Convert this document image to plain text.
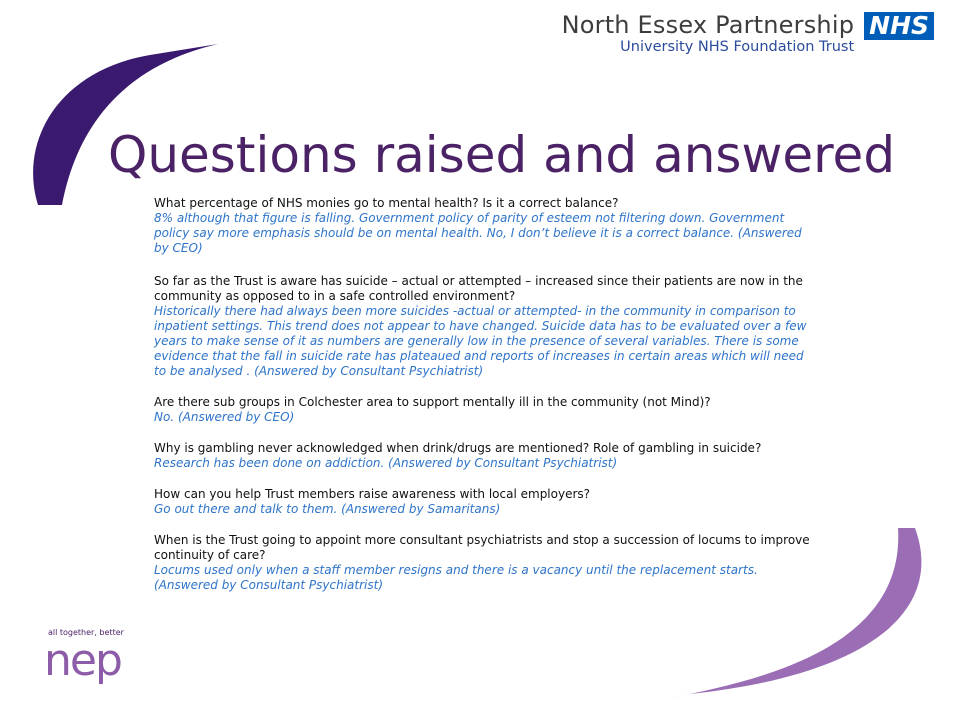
North Essex Partnership
University NHS Foundation Trust
NHS
Questions raised and answered

What percentage of NHS monies go to mental health? Is it a correct balance?

8% although that figure is falling. Government policy of parity of esteem not filtering down. Government policy say more emphasis should be on mental health. No, I don’t believe it is a correct balance. (Answered by CEO)

So far as the Trust is aware has suicide – actual or attempted – increased since their patients are now in the community as opposed to in a safe controlled environment?

Historically there had always been more suicides -actual or attempted- in the community in comparison to inpatient settings. This trend does not appear to have changed. Suicide data has to be evaluated over a few years to make sense of it as numbers are generally low in the presence of several variables. There is some evidence that the fall in suicide rate has plateaued and reports of increases in certain areas which will need to be analysed . (Answered by Consultant Psychiatrist)

Are there sub groups in Colchester area to support mentally ill in the community (not Mind)?

No. (Answered by CEO)

Why is gambling never acknowledged when drink/drugs are mentioned? Role of gambling in suicide?

Research has been done on addiction. (Answered by Consultant Psychiatrist)

How can you help Trust members raise awareness with local employers?

Go out there and talk to them. (Answered by Samaritans)

When is the Trust going to appoint more consultant psychiatrists and stop a succession of locums to improve continuity of care?

Locums used only when a staff member resigns and there is a vacancy until the replacement starts. (Answered by Consultant Psychiatrist)

all together, better
nep
